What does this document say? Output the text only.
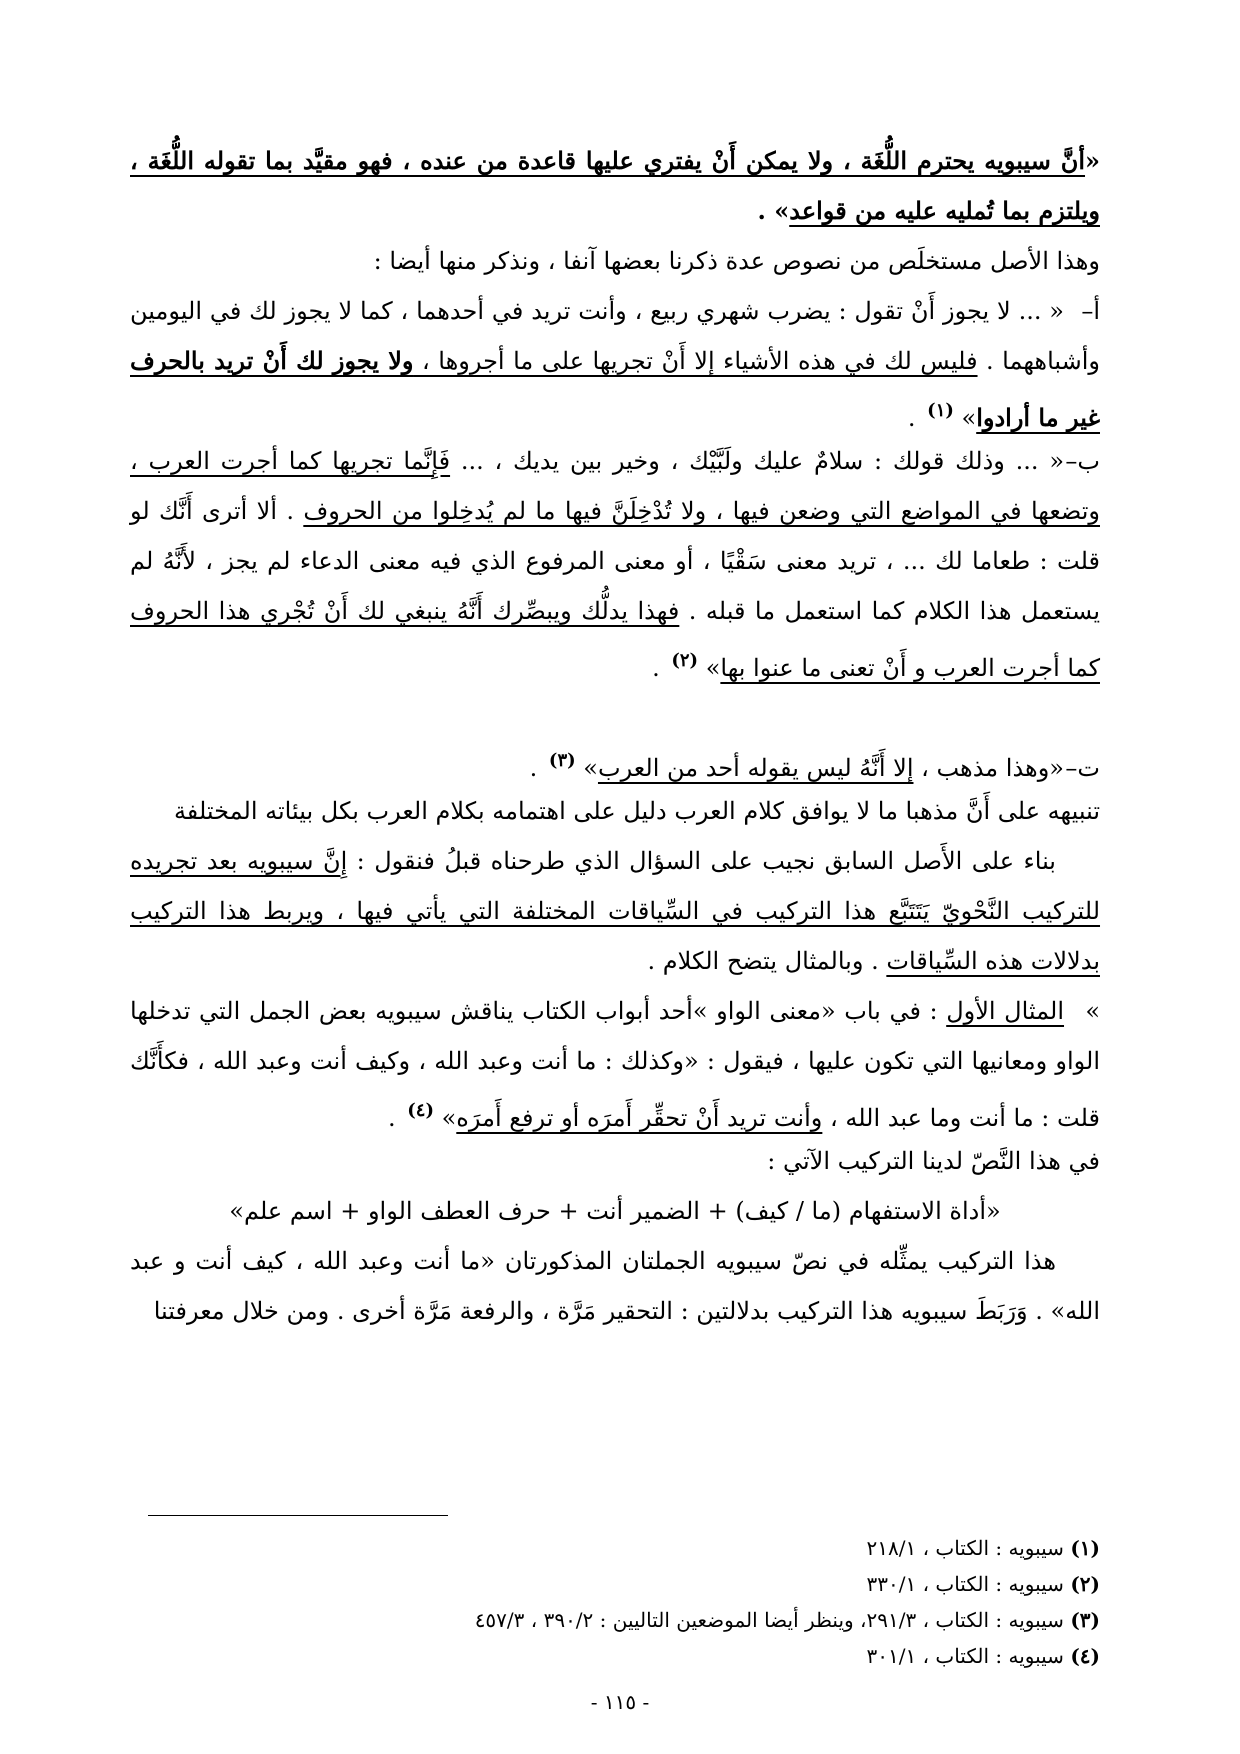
«أنَّ سيبويه يحترم اللُّغَة ، ولا يمكن أَنْ يفتري عليها قاعدة من عنده ، فهو مقيَّد بما تقوله اللُّغَة ، ويلتزم بما تُمليه عليه من قواعد» .
وهذا الأصل مستخلَص من نصوص عدة ذكرنا بعضها آنفا ، ونذكر منها أيضا :
أ–« ... لا يجوز أَنْ تقول : يضرب شهري ربيع ، وأنت تريد في أحدهما ، كما لا يجوز لك في اليومين وأشباههما . فليس لك في هذه الأشياء إلا أَنْ تجريها على ما أجروها ، ولا يجوز لك أَنْ تريد بالحرف غير ما أرادوا» $^{(١)}$ .
ب–« ... وذلك قولك : سلامٌ عليك ولَبَّيْك ، وخير بين يديك ، ... فَإِنَّما تجريها كما أجرت العرب ، وتضعها في المواضع التي وضعن فيها ، ولا تُدْخِلَنَّ فيها ما لم يُدخِلوا من الحروف . ألا أترى أَنَّك لو قلت : طعاما لك ... ، تريد معنى سَقْيًا ، أو معنى المرفوع الذي فيه معنى الدعاء لم يجز ، لأَنَّهُ لم يستعمل هذا الكلام كما استعمل ما قبله . فهذا يدلُّك ويبصِّرك أَنَّهُ ينبغي لك أَنْ تُجْري هذا الحروف كما أجرت العرب و أَنْ تعنى ما عنوا بها» $^{(٢)}$ .
ت–«وهذا مذهب ، إلا أَنَّهُ ليس يقوله أحد من العرب» $^{(٣)}$ .
تنبيهه على أَنَّ مذهبا ما لا يوافق كلام العرب دليل على اهتمامه بكلام العرب بكل بيئاته المختلفة
بناء على الأَصل السابق نجيب على السؤال الذي طرحناه قبلُ فنقول : إِنَّ سيبويه بعد تجريده للتركيب النَّحْويّ يَتَتَبَّع هذا التركيب في السِّياقات المختلفة التي يأتي فيها ، ويربط هذا التركيب بدلالات هذه السِّياقات . وبالمثال يتضح الكلام .
»المثال الأول : في باب «معنى الواو »أحد أبواب الكتاب يناقش سيبويه بعض الجمل التي تدخلها الواو ومعانيها التي تكون عليها ، فيقول : «وكذلك : ما أنت وعبد الله ، وكيف أنت وعبد الله ، فكأَنَّك قلت : ما أنت وما عبد الله ، وأنت تريد أَنْ تحقِّر أَمرَه أو ترفع أَمرَه» $^{(٤)}$ .
في هذا النَّصّ لدينا التركيب الآتي :
«أداة الاستفهام (ما / كيف) + الضمير أنت + حرف العطف الواو + اسم علم»
هذا التركيب يمثِّله في نصّ سيبويه الجملتان المذكورتان «ما أنت وعبد الله ، كيف أنت و عبد الله» . وَرَبَطَ سيبويه هذا التركيب بدلالتين : التحقير مَرَّة ، والرفعة مَرَّة أخرى . ومن خلال معرفتنا
(١) سيبويه : الكتاب ، ٢١٨/١
(٢) سيبويه : الكتاب ، ٣٣٠/١
(٣) سيبويه : الكتاب ، ٢٩١/٣، وينظر أيضا الموضعين التاليين : ٣٩٠/٢ ، ٤٥٧/٣
(٤) سيبويه : الكتاب ، ٣٠١/١
- ١١٥ -
